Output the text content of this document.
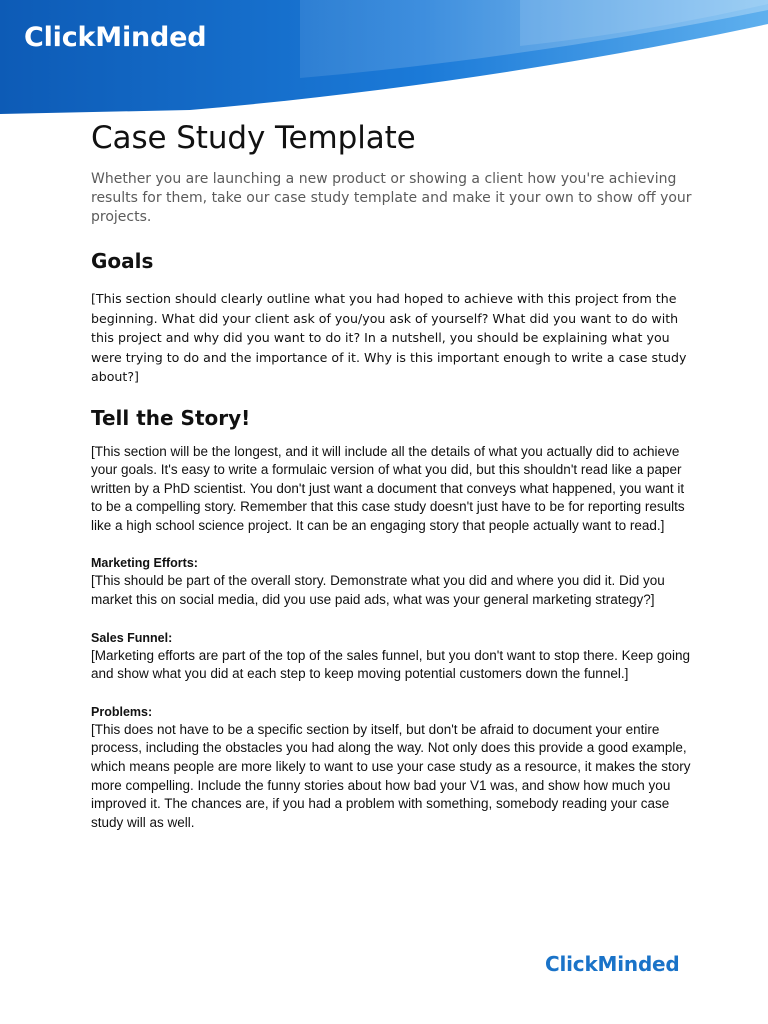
ClickMinded
Case Study Template

Whether you are launching a new product or showing a client how you're achieving results for them, take our case study template and make it your own to show off your projects.

Goals

[This section should clearly outline what you had hoped to achieve with this project from the beginning. What did your client ask of you/you ask of yourself? What did you want to do with this project and why did you want to do it? In a nutshell, you should be explaining what you were trying to do and the importance of it. Why is this important enough to write a case study about?]

Tell the Story!

[This section will be the longest, and it will include all the details of what you actually did to achieve your goals. It's easy to write a formulaic version of what you did, but this shouldn't read like a paper written by a PhD scientist. You don't just want a document that conveys what happened, you want it to be a compelling story. Remember that this case study doesn't just have to be for reporting results like a high school science project. It can be an engaging story that people actually want to read.]

Marketing Efforts:

[This should be part of the overall story. Demonstrate what you did and where you did it. Did you market this on social media, did you use paid ads, what was your general marketing strategy?]

Sales Funnel:

[Marketing efforts are part of the top of the sales funnel, but you don't want to stop there. Keep going and show what you did at each step to keep moving potential customers down the funnel.]

Problems:

[This does not have to be a specific section by itself, but don't be afraid to document your entire process, including the obstacles you had along the way. Not only does this provide a good example, which means people are more likely to want to use your case study as a resource, it makes the story more compelling. Include the funny stories about how bad your V1 was, and show how much you improved it. The chances are, if you had a problem with something, somebody reading your case study will as well.

ClickMinded
